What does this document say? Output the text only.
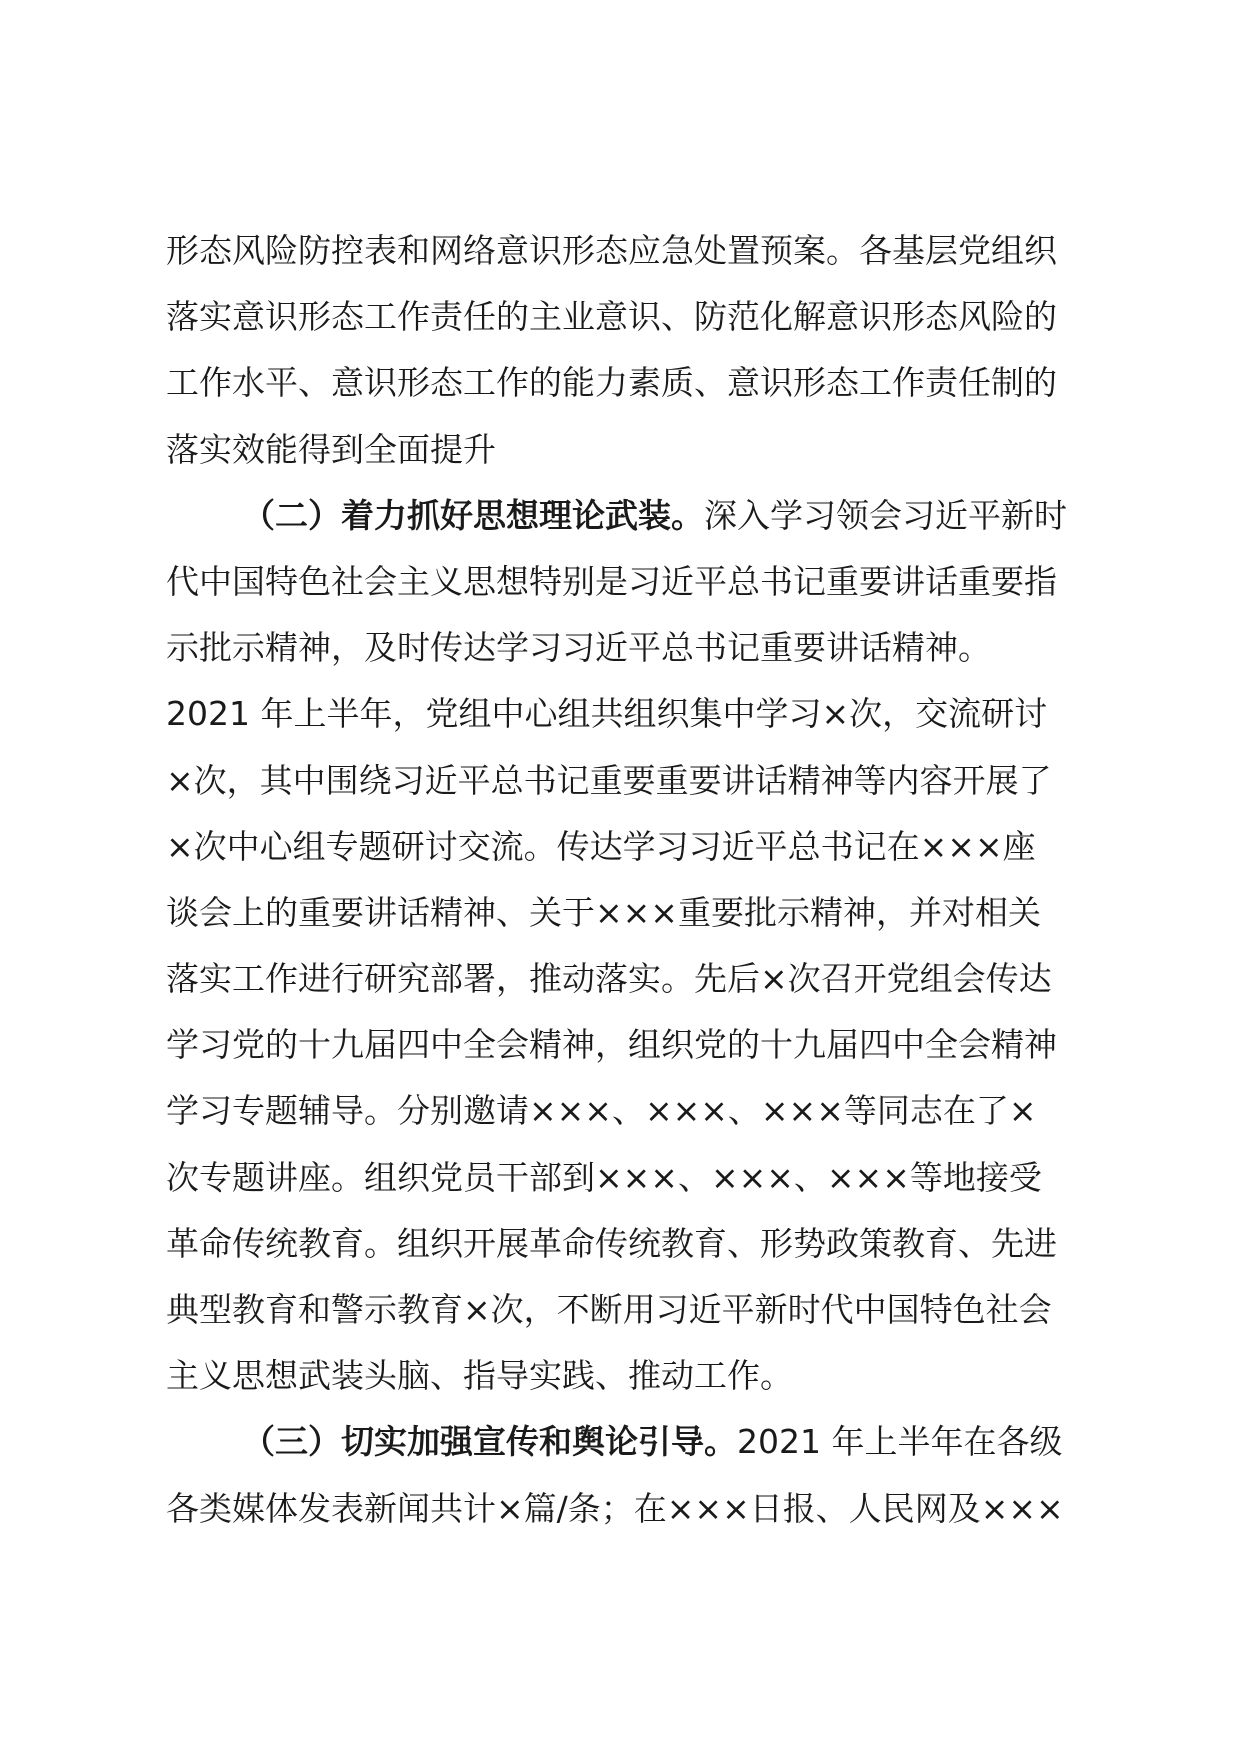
形态风险防控表和网络意识形态应急处置预案。各基层党组织
落实意识形态工作责任的主业意识、防范化解意识形态风险的
工作水平、意识形态工作的能力素质、意识形态工作责任制的
落实效能得到全面提升
（二）着力抓好思想理论武装。深入学习领会习近平新时
代中国特色社会主义思想特别是习近平总书记重要讲话重要指
示批示精神，及时传达学习习近平总书记重要讲话精神。
2021 年上半年，党组中心组共组织集中学习×次，交流研讨
×次，其中围绕习近平总书记重要重要讲话精神等内容开展了
×次中心组专题研讨交流。传达学习习近平总书记在×××座
谈会上的重要讲话精神、关于×××重要批示精神，并对相关
落实工作进行研究部署，推动落实。先后×次召开党组会传达
学习党的十九届四中全会精神，组织党的十九届四中全会精神
学习专题辅导。分别邀请×××、×××、×××等同志在了×
次专题讲座。组织党员干部到×××、×××、×××等地接受
革命传统教育。组织开展革命传统教育、形势政策教育、先进
典型教育和警示教育×次，不断用习近平新时代中国特色社会
主义思想武装头脑、指导实践、推动工作。
（三）切实加强宣传和舆论引导。2021 年上半年在各级
各类媒体发表新闻共计×篇/条；在×××日报、人民网及×××
